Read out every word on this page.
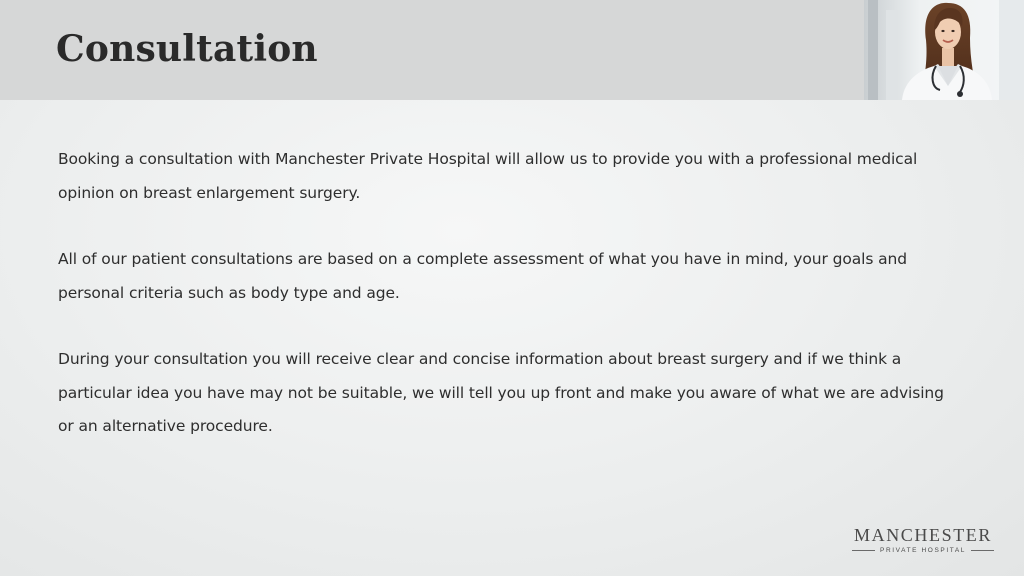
Consultation

Booking a consultation with Manchester Private Hospital will allow us to provide you with a professional medical opinion on breast enlargement surgery.

All of our patient consultations are based on a complete assessment of what you have in mind, your goals and personal criteria such as body type and age.

During your consultation you will receive clear and concise information about breast surgery and if we think a particular idea you have may not be suitable, we will tell you up front and make you aware of what we are advising or an alternative procedure.

MANCHESTER
PRIVATE HOSPITAL
